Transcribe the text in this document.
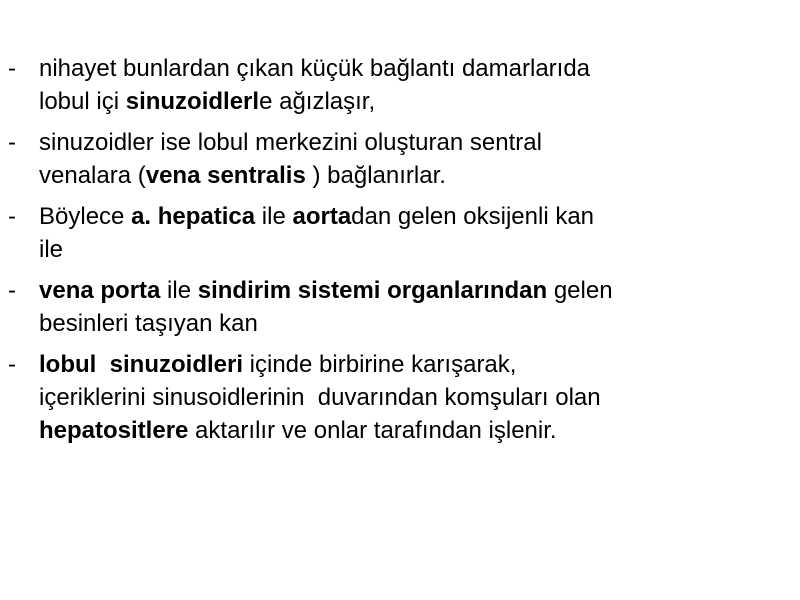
- nihayet bunlardan çıkan küçük bağlantı damarlarıda
lobul içi sinuzoidlerle ağızlaşır,
- sinuzoidler ise lobul merkezini oluşturan sentral
venalara (vena sentralis ) bağlanırlar.
- Böylece a. hepatica ile aortadan gelen oksijenli kan
ile
- vena porta ile sindirim sistemi organlarından gelen
besinleri taşıyan kan
- lobul  sinuzoidleri içinde birbirine karışarak,
içeriklerini sinusoidlerinin  duvarından komşuları olan
hepatositlere aktarılır ve onlar tarafından işlenir.
